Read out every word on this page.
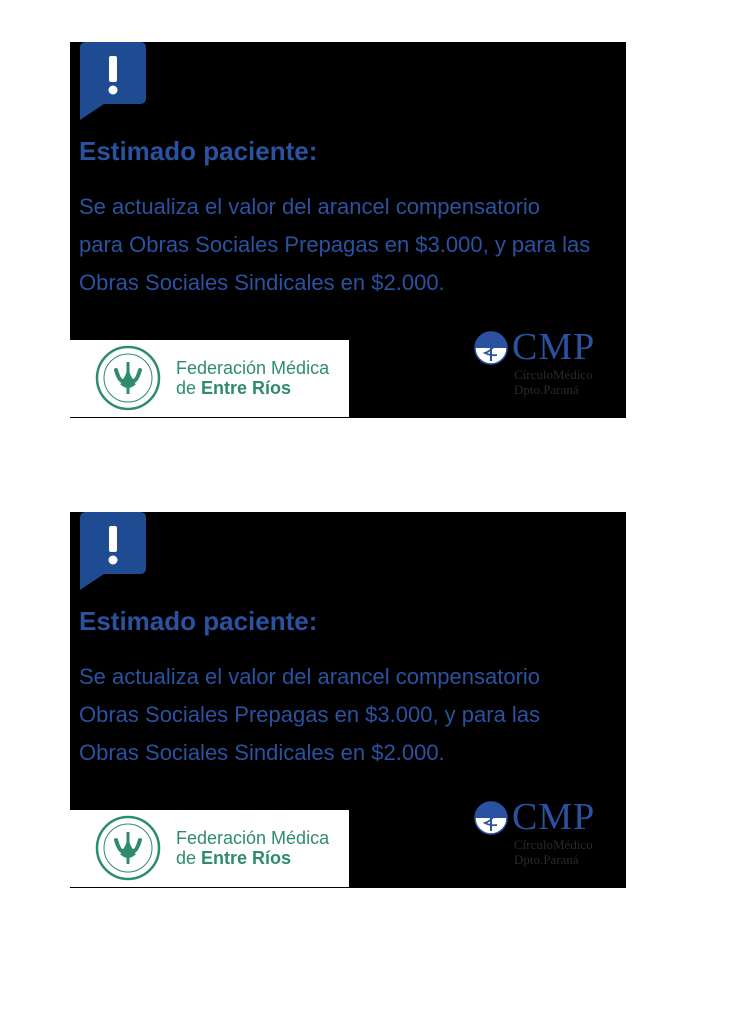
Estimado paciente:

Se actualiza el valor del arancel compensatorio
para Obras Sociales Prepagas en $3.000, y para las
Obras Sociales Sindicales en $2.000.

Federación Médica
de Entre Ríos
CMP
CírculoMédico
Dpto.Paraná
Estimado paciente:

Se actualiza el valor del arancel compensatorio
Obras Sociales Prepagas en $3.000, y para las
Obras Sociales Sindicales en $2.000.

Federación Médica
de Entre Ríos
CMP
CírculoMédico
Dpto.Paraná
